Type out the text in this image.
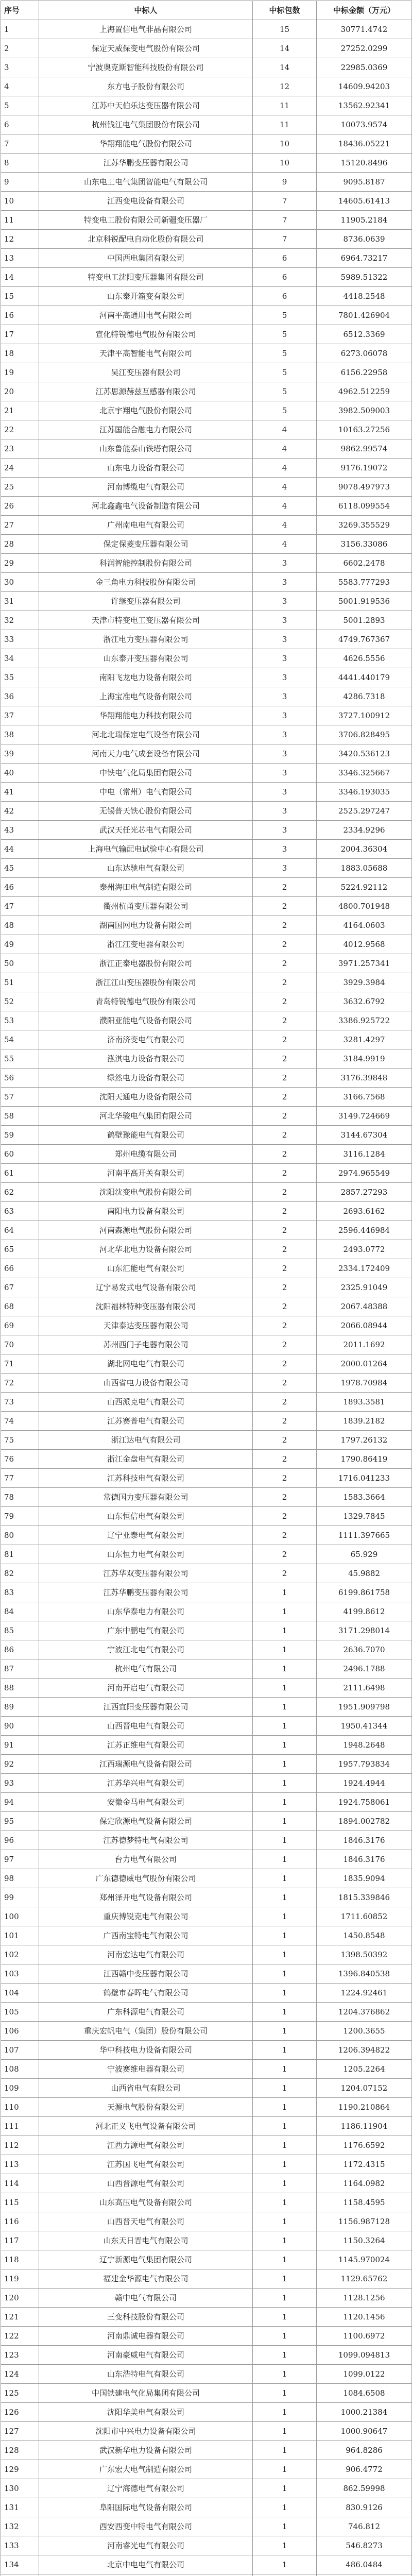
序号	中标人	中标包数	中标金额（万元）
1	上海置信电气非晶有限公司	15	30771.4742
2	保定天威保变电气股份有限公司	14	27252.0299
3	宁波奥克斯智能科技股份有限公司	14	22985.0369
4	东方电子股份有限公司	12	14609.94203
5	江苏中天伯乐达变压器有限公司	11	13562.92341
6	杭州钱江电气集团股份有限公司	11	10073.9574
7	华翔翔能电气股份有限公司	10	18436.05221
8	江苏华鹏变压器有限公司	10	15120.8496
9	山东电工电气集团智能电气有限公司	9	9095.8187
10	江西变电设备有限公司	7	14605.61413
11	特变电工股份有限公司新疆变压器厂	7	11905.2184
12	北京科锐配电自动化股份有限公司	7	8736.0639
13	中国西电集团有限公司	6	6964.73217
14	特变电工沈阳变压器集团有限公司	6	5989.51322
15	山东泰开箱变有限公司	6	4418.2548
16	河南平高通用电气有限公司	5	7801.426904
17	宣化特锐德电气股份有限公司	5	6512.3369
18	天津平高智能电气有限公司	5	6273.06078
19	吴江变压器有限公司	5	6156.22958
20	江苏思源赫兹互感器有限公司	5	4962.512259
21	北京宇翔电气股份有限公司	5	3982.509003
22	江苏国能合融电力有限公司	4	10163.27256
23	山东鲁能泰山铁塔有限公司	4	9862.99574
24	山东电力设备有限公司	4	9176.19072
25	河南博缆电气有限公司	4	9078.497973
26	河北鑫鑫电气设备制造有限公司	4	6118.099554
27	广州南电电气有限公司	4	3269.355529
28	保定保菱变压器有限公司	4	3156.33086
29	科润智能控制股份有限公司	3	6602.2478
30	金三角电力科技股份有限公司	3	5583.777293
31	许继变压器有限公司	3	5001.919536
32	天津市特变电工变压器有限公司	3	5001.2893
33	浙江电力变压器有限公司	3	4749.767367
34	山东泰开变压器有限公司	3	4626.5556
35	南阳飞龙电力设备有限公司	3	4441.440179
36	上海宝准电气设备有限公司	3	4286.7318
37	华翔翔能电力科技有限公司	3	3727.100912
38	河北北瑞保定电气设备有限公司	3	3706.828495
39	河南天力电气成套设备有限公司	3	3420.536123
40	中铁电气化局集团有限公司	3	3346.325667
41	中电（常州）电气有限公司	3	3346.193035
42	无锡普天铁心股份有限公司	3	2525.297247
43	武汉天任光芯电气有限公司	3	2334.9296
44	上海电气输配电试验中心有限公司	3	2004.36304
45	山东达驰电气有限公司	3	1883.05688
46	泰州海田电气制造有限公司	2	5224.92112
47	衢州杭甬变压器有限公司	2	4800.701948
48	湖南国网电力设备有限公司	2	4164.0603
49	浙江江变电器有限公司	2	4012.9568
50	浙江正泰电器股份有限公司	2	3971.257341
51	浙江江山变压器股份有限公司	2	3929.3984
52	青岛特锐德电气股份有限公司	2	3632.6792
53	濮阳亚能电气设备有限公司	2	3386.925722
54	济南济变电气有限公司	2	3281.4297
55	泓淇电力设备有限公司	2	3184.9919
56	绿然电力设备有限公司	2	3176.39848
57	沈阳天通电力设备有限公司	2	3166.7568
58	河北华骏电气集团有限公司	2	3149.724669
59	鹤壁豫能电气有限公司	2	3144.67304
60	郑州电缆有限公司	2	3116.1284
61	河南平高开关有限公司	2	2974.965549
62	沈阳沈变电气股份有限公司	2	2857.27293
63	南阳电力设备有限公司	2	2693.6162
64	河南森源电气股份有限公司	2	2596.446984
65	河北华北电力设备有限公司	2	2493.0772
66	山东汇能电气有限公司	2	2334.172409
67	辽宁易发式电气设备有限公司	2	2325.91049
68	沈阳福林特种变压器有限公司	2	2067.48388
69	天津泰达变压器有限公司	2	2066.08944
70	苏州西门子电器有限公司	2	2011.1692
71	湖北网电电气有限公司	2	2000.01264
72	山西省电力设备有限公司	2	1978.70984
73	山西派克电气有限公司	2	1893.3581
74	江苏赛普电气有限公司	2	1839.2182
75	浙江达电气有限公司	2	1797.26132
76	浙江金盘电气有限公司	2	1790.86419
77	江苏科技电气有限公司	2	1716.041233
78	常德国力变压器有限公司	2	1583.3664
79	山东恒信电气有限公司	2	1329.7845
80	辽宁亚泰电气有限公司	2	1111.397665
81	山东恒力电气有限公司	2	65.929
82	江苏华双变压器有限公司	2	45.9882
83	江苏华鹏变压器有限公司	1	6199.861758
84	山东华泰电力有限公司	1	4199.8612
85	广东中鹏电气有限公司	1	3171.298014
86	宁波江北电气有限公司	1	2636.7070
87	杭州电气有限公司	1	2496.1788
88	河南开启电气有限公司	1	2111.6498
89	江西宜阳变压器有限公司	1	1951.909798
90	山西晋电电气有限公司	1	1950.41344
91	江苏正维电气有限公司	1	1948.2648
92	江西瑞源电气设备有限公司	1	1957.793834
93	江苏华兴电气有限公司	1	1924.4944
94	安徽金马电气有限公司	1	1924.758061
95	保定欣源电气设备有限公司	1	1894.002782
96	江苏德梦特电气有限公司	1	1846.3176
97	台力电气有限公司	1	1846.3176
98	广东德德威电气股份有限公司	1	1835.9094
99	郑州泽开电气设备有限公司	1	1815.339846
100	重庆博锐克电气有限公司	1	1711.60852
101	广西南宝特电气有限公司	1	1450.8548
102	河南宏达电气有限公司	1	1398.50392
103	江西赣中变压器有限公司	1	1396.840538
104	鹤壁市春晖电气有限公司	1	1224.92461
105	广东科源电气有限公司	1	1204.376862
106	重庆宏帆电气（集团）股份有限公司	1	1200.3655
107	华中科技电力设备有限公司	1	1206.394822
108	宁波赛维电器有限公司	1	1205.2264
109	山西省电气有限公司	1	1204.07152
110	天源电气股份有限公司	1	1190.210864
111	河北正义飞电气设备有限公司	1	1186.11904
112	江西力源电气有限公司	1	1176.6592
113	江苏国飞电气有限公司	1	1172.4315
114	山西晋源电气有限公司	1	1164.0982
115	山东高压电气设备有限公司	1	1158.4595
116	山西晋天电气有限公司	1	1156.987128
117	山东天日晋电气有限公司	1	1150.3264
118	辽宁新源电气集团有限公司	1	1145.970024
119	福建金华源电气有限公司	1	1129.65762
120	赣中电气有限公司	1	1128.1256
121	三变科技股份有限公司	1	1120.1456
122	河南鼎诚电器有限公司	1	1100.6972
123	河南豪威电气有限公司	1	1099.094813
124	山东浩特电气有限公司	1	1099.0122
125	中国铁建电气化局集团有限公司	1	1084.6508
126	沈阳华美电气有限公司	1	1000.21384
127	沈阳市中兴电力设备有限公司	1	1000.90647
128	武汉新华电力设备有限公司	1	964.8286
129	广东宏大电气制造有限公司	1	906.4772
130	辽宁海德电气有限公司	1	862.59998
131	阜阳国际电气设备有限公司	1	830.9126
132	西安西变中特电气有限公司	1	746.812
133	河南睿光电气有限公司	1	546.8273
134	北京中电电气有限公司	1	486.0484
